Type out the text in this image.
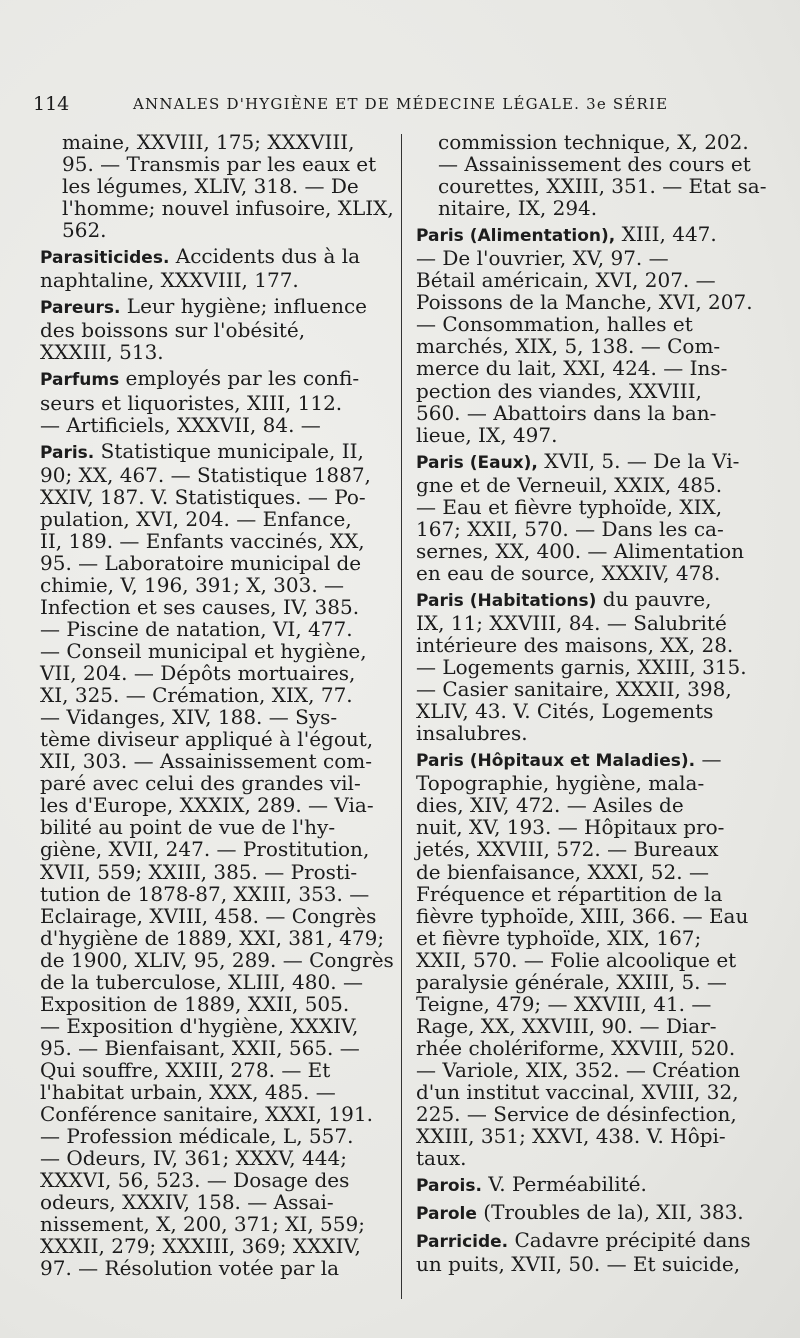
114	ANNALES D'HYGIÈNE ET DE MÉDECINE LÉGALE. 3e SÉRIE
maine, XXVIII, 175; XXXVIII,
95. — Transmis par les eaux et
les légumes, XLIV, 318. — De
l'homme; nouvel infusoire, XLIX,
562.
Parasiticides. Accidents dus à la
naphtaline, XXXVIII, 177.
Pareurs. Leur hygiène; influence
des boissons sur l'obésité,
XXXIII, 513.
Parfums employés par les confi-
seurs et liquoristes, XIII, 112.
— Artificiels, XXXVII, 84. —
Paris. Statistique municipale, II,
90; XX, 467. — Statistique 1887,
XXIV, 187. V. Statistiques. — Po-
pulation, XVI, 204. — Enfance,
II, 189. — Enfants vaccinés, XX,
95. — Laboratoire municipal de
chimie, V, 196, 391; X, 303. —
Infection et ses causes, IV, 385.
— Piscine de natation, VI, 477.
— Conseil municipal et hygiène,
VII, 204. — Dépôts mortuaires,
XI, 325. — Crémation, XIX, 77.
— Vidanges, XIV, 188. — Sys-
tème diviseur appliqué à l'égout,
XII, 303. — Assainissement com-
paré avec celui des grandes vil-
les d'Europe, XXXIX, 289. — Via-
bilité au point de vue de l'hy-
giène, XVII, 247. — Prostitution,
XVII, 559; XXIII, 385. — Prosti-
tution de 1878-87, XXIII, 353. —
Eclairage, XVIII, 458. — Congrès
d'hygiène de 1889, XXI, 381, 479;
de 1900, XLIV, 95, 289. — Congrès
de la tuberculose, XLIII, 480. —
Exposition de 1889, XXII, 505.
— Exposition d'hygiène, XXXIV,
95. — Bienfaisant, XXII, 565. —
Qui souffre, XXIII, 278. — Et
l'habitat urbain, XXX, 485. —
Conférence sanitaire, XXXI, 191.
— Profession médicale, L, 557.
— Odeurs, IV, 361; XXXV, 444;
XXXVI, 56, 523. — Dosage des
odeurs, XXXIV, 158. — Assai-
nissement, X, 200, 371; XI, 559;
XXXII, 279; XXXIII, 369; XXXIV,
97. — Résolution votée par la
commission technique, X, 202.
— Assainissement des cours et
courettes, XXIII, 351. — Etat sa-
nitaire, IX, 294.
Paris (Alimentation), XIII, 447.
— De l'ouvrier, XV, 97. —
Bétail américain, XVI, 207. —
Poissons de la Manche, XVI, 207.
— Consommation, halles et
marchés, XIX, 5, 138. — Com-
merce du lait, XXI, 424. — Ins-
pection des viandes, XXVIII,
560. — Abattoirs dans la ban-
lieue, IX, 497.
Paris (Eaux), XVII, 5. — De la Vi-
gne et de Verneuil, XXIX, 485.
— Eau et fièvre typhoïde, XIX,
167; XXII, 570. — Dans les ca-
sernes, XX, 400. — Alimentation
en eau de source, XXXIV, 478.
Paris (Habitations) du pauvre,
IX, 11; XXVIII, 84. — Salubrité
intérieure des maisons, XX, 28.
— Logements garnis, XXIII, 315.
— Casier sanitaire, XXXII, 398,
XLIV, 43. V. Cités, Logements
insalubres.
Paris (Hôpitaux et Maladies). —
Topographie, hygiène, mala-
dies, XIV, 472. — Asiles de
nuit, XV, 193. — Hôpitaux pro-
jetés, XXVIII, 572. — Bureaux
de bienfaisance, XXXI, 52. —
Fréquence et répartition de la
fièvre typhoïde, XIII, 366. — Eau
et fièvre typhoïde, XIX, 167;
XXII, 570. — Folie alcoolique et
paralysie générale, XXIII, 5. —
Teigne, 479; — XXVIII, 41. —
Rage, XX, XXVIII, 90. — Diar-
rhée cholériforme, XXVIII, 520.
— Variole, XIX, 352. — Création
d'un institut vaccinal, XVIII, 32,
225. — Service de désinfection,
XXIII, 351; XXVI, 438. V. Hôpi-
taux.
Parois. V. Perméabilité.
Parole (Troubles de la), XII, 383.
Parricide. Cadavre précipité dans
un puits, XVII, 50. — Et suicide,
